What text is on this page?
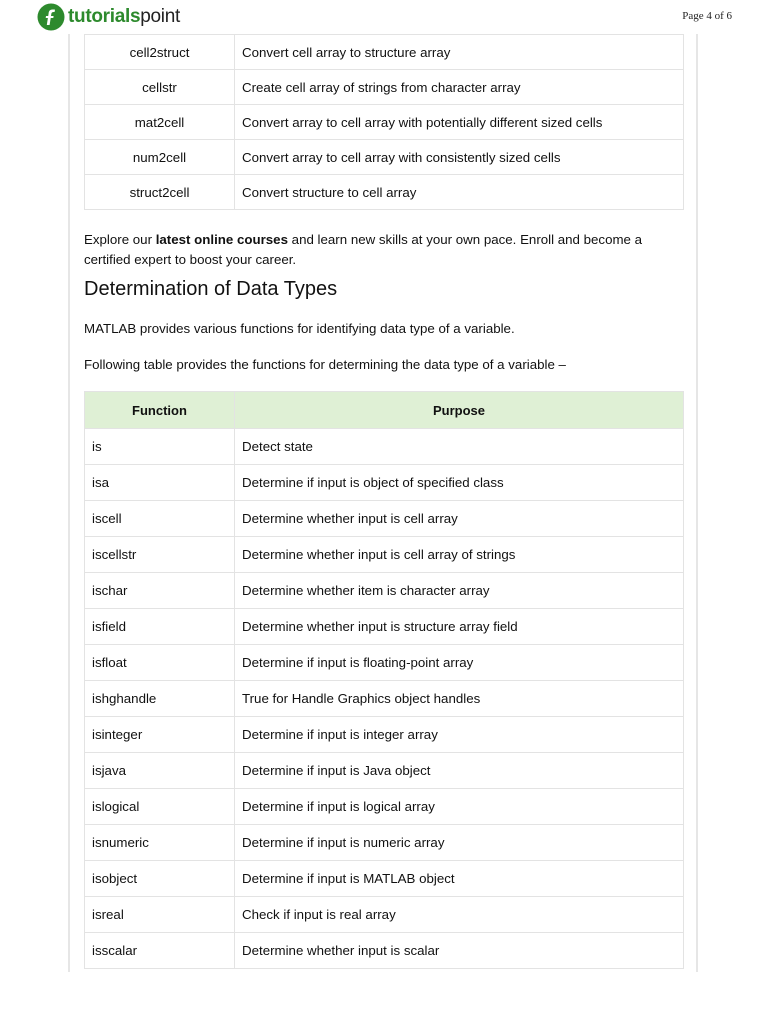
tutorialspoint	Page 4 of 6
cell2struct	Convert cell array to structure array
cellstr	Create cell array of strings from character array
mat2cell	Convert array to cell array with potentially different sized cells
num2cell	Convert array to cell array with consistently sized cells
struct2cell	Convert structure to cell array
Explore our latest online courses and learn new skills at your own pace. Enroll and become a certified expert to boost your career.
Determination of Data Types
MATLAB provides various functions for identifying data type of a variable.
Following table provides the functions for determining the data type of a variable –
Function	Purpose
is	Detect state
isa	Determine if input is object of specified class
iscell	Determine whether input is cell array
iscellstr	Determine whether input is cell array of strings
ischar	Determine whether item is character array
isfield	Determine whether input is structure array field
isfloat	Determine if input is floating-point array
ishghandle	True for Handle Graphics object handles
isinteger	Determine if input is integer array
isjava	Determine if input is Java object
islogical	Determine if input is logical array
isnumeric	Determine if input is numeric array
isobject	Determine if input is MATLAB object
isreal	Check if input is real array
isscalar	Determine whether input is scalar
